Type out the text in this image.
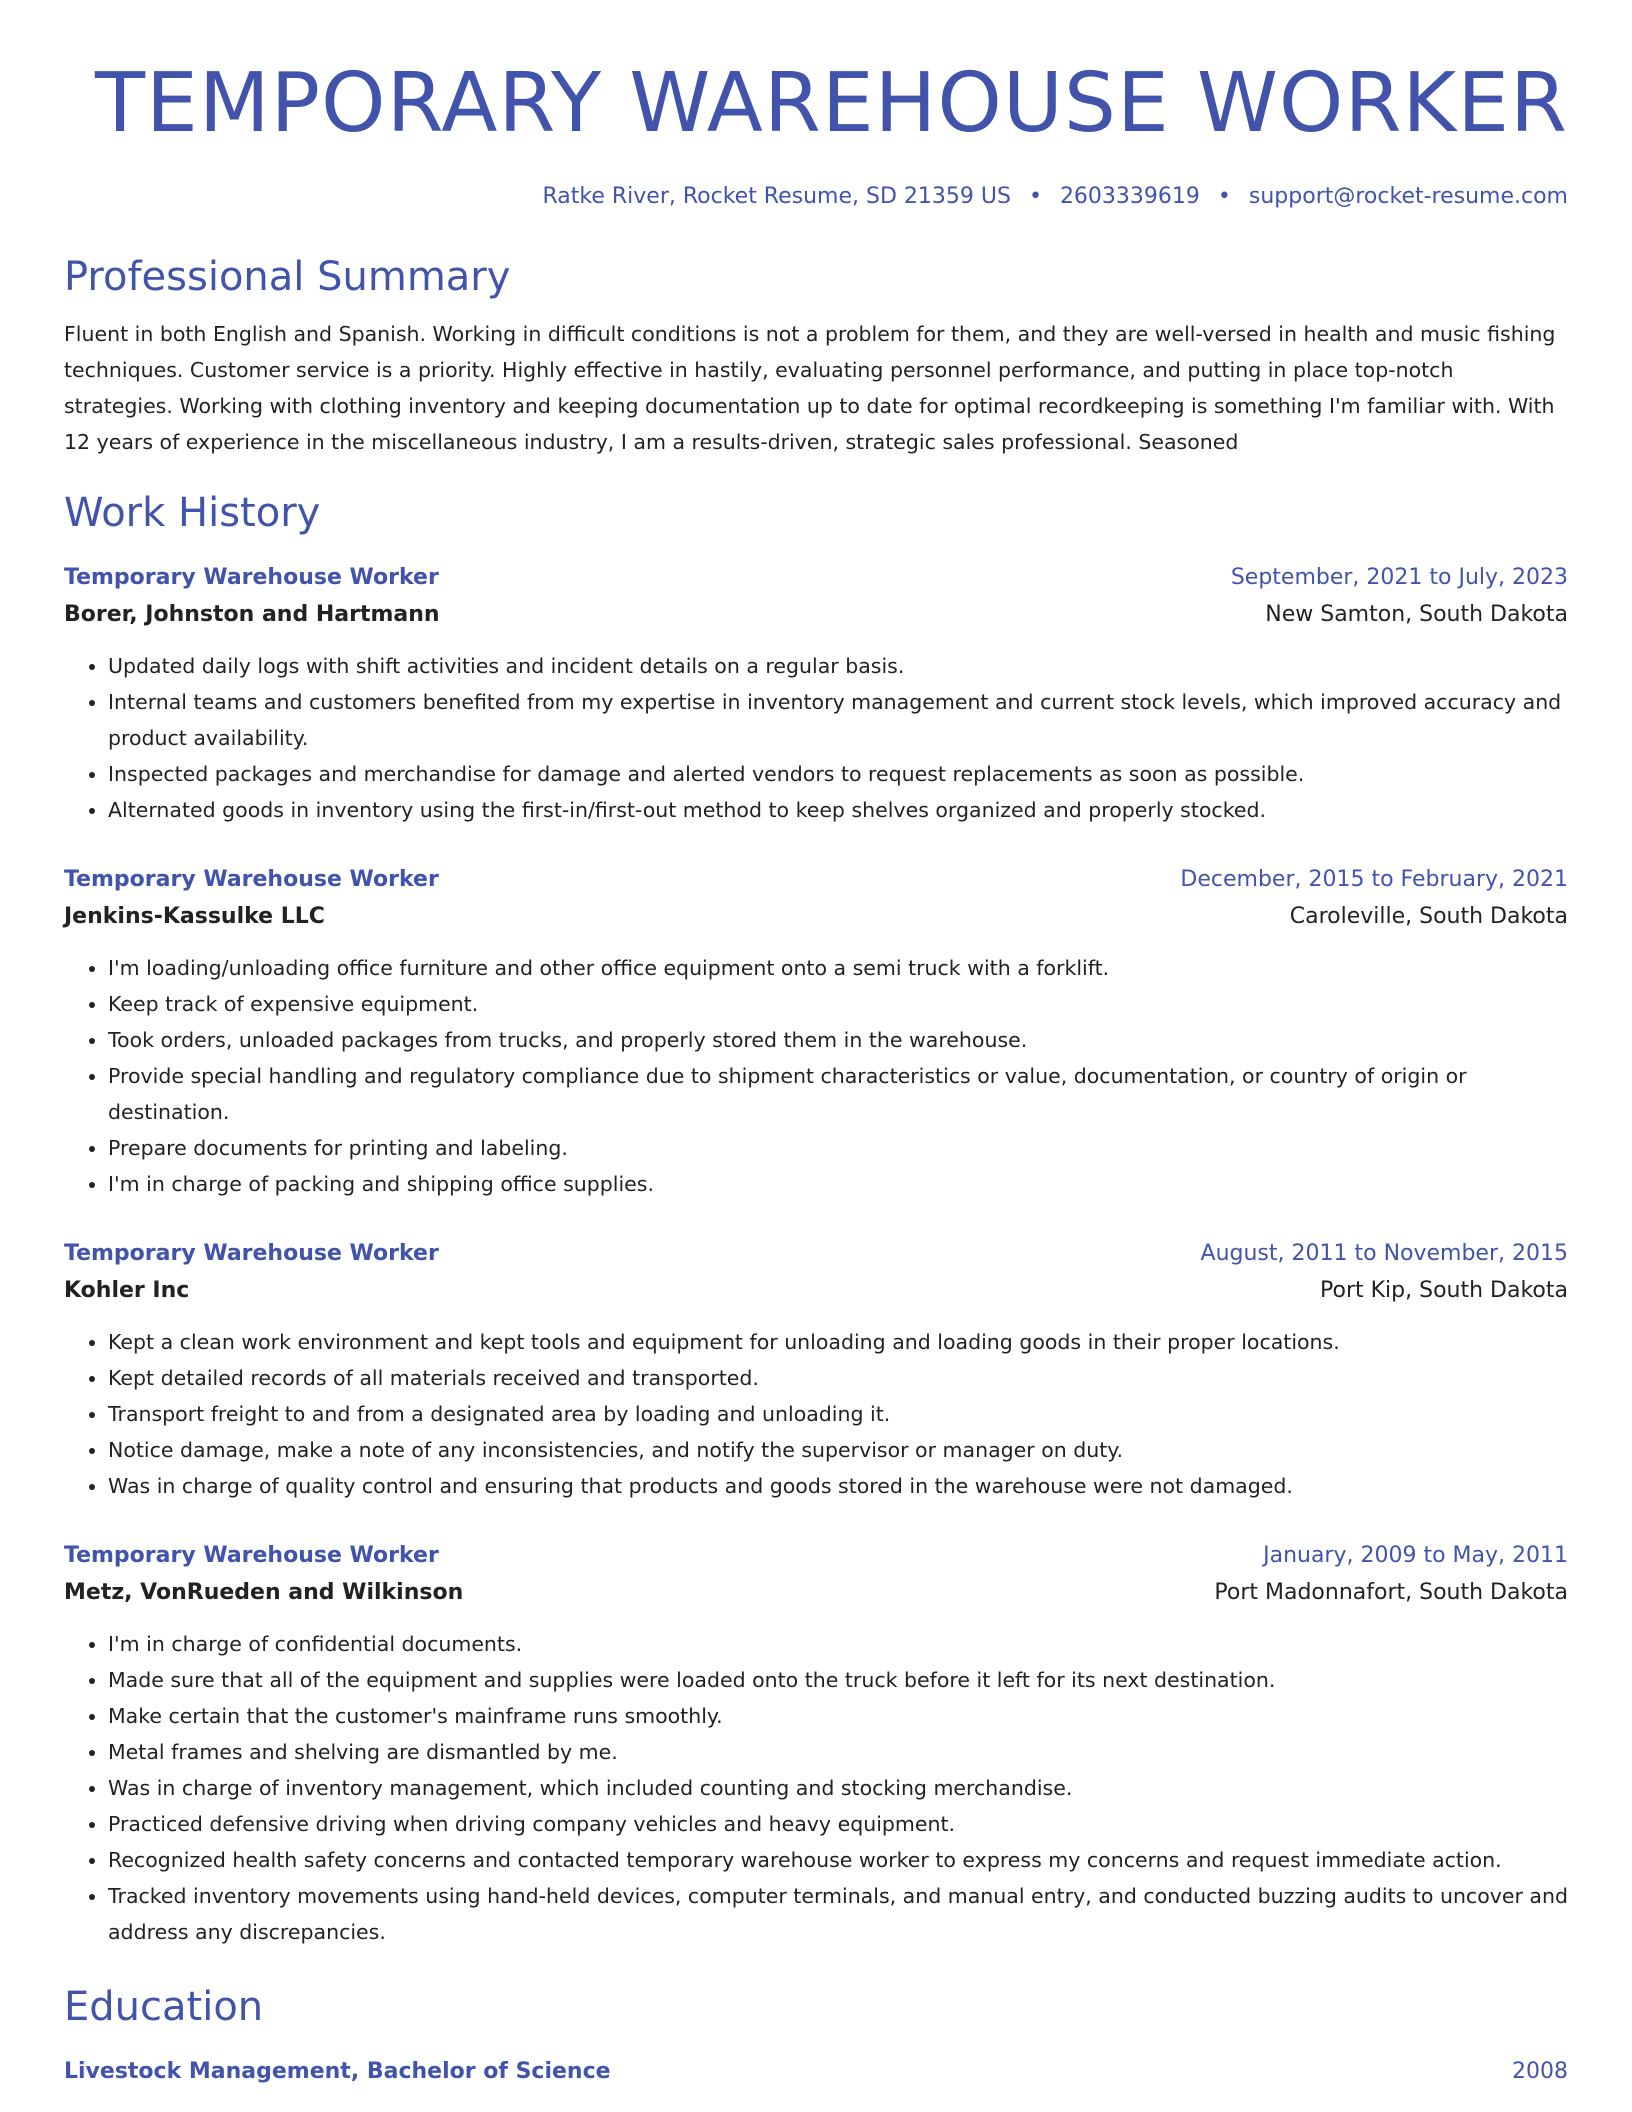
TEMPORARY WAREHOUSE WORKER
Ratke River, Rocket Resume, SD 21359 US • 2603339619 • support@rocket-resume.com
Professional Summary
Fluent in both English and Spanish. Working in difficult conditions is not a problem for them, and they are well-versed in health and music fishing techniques. Customer service is a priority. Highly effective in hastily, evaluating personnel performance, and putting in place top-notch strategies. Working with clothing inventory and keeping documentation up to date for optimal recordkeeping is something I'm familiar with. With 12 years of experience in the miscellaneous industry, I am a results-driven, strategic sales professional. Seasoned
Work History
Temporary Warehouse Worker	September, 2021 to July, 2023
Borer, Johnston and Hartmann	New Samton, South Dakota
• Updated daily logs with shift activities and incident details on a regular basis.
• Internal teams and customers benefited from my expertise in inventory management and current stock levels, which improved accuracy and product availability.
• Inspected packages and merchandise for damage and alerted vendors to request replacements as soon as possible.
• Alternated goods in inventory using the first-in/first-out method to keep shelves organized and properly stocked.
Temporary Warehouse Worker	December, 2015 to February, 2021
Jenkins-Kassulke LLC	Caroleville, South Dakota
• I'm loading/unloading office furniture and other office equipment onto a semi truck with a forklift.
• Keep track of expensive equipment.
• Took orders, unloaded packages from trucks, and properly stored them in the warehouse.
• Provide special handling and regulatory compliance due to shipment characteristics or value, documentation, or country of origin or destination.
• Prepare documents for printing and labeling.
• I'm in charge of packing and shipping office supplies.
Temporary Warehouse Worker	August, 2011 to November, 2015
Kohler Inc	Port Kip, South Dakota
• Kept a clean work environment and kept tools and equipment for unloading and loading goods in their proper locations.
• Kept detailed records of all materials received and transported.
• Transport freight to and from a designated area by loading and unloading it.
• Notice damage, make a note of any inconsistencies, and notify the supervisor or manager on duty.
• Was in charge of quality control and ensuring that products and goods stored in the warehouse were not damaged.
Temporary Warehouse Worker	January, 2009 to May, 2011
Metz, VonRueden and Wilkinson	Port Madonnafort, South Dakota
• I'm in charge of confidential documents.
• Made sure that all of the equipment and supplies were loaded onto the truck before it left for its next destination.
• Make certain that the customer's mainframe runs smoothly.
• Metal frames and shelving are dismantled by me.
• Was in charge of inventory management, which included counting and stocking merchandise.
• Practiced defensive driving when driving company vehicles and heavy equipment.
• Recognized health safety concerns and contacted temporary warehouse worker to express my concerns and request immediate action.
• Tracked inventory movements using hand-held devices, computer terminals, and manual entry, and conducted buzzing audits to uncover and address any discrepancies.
Education
Livestock Management, Bachelor of Science	2008
